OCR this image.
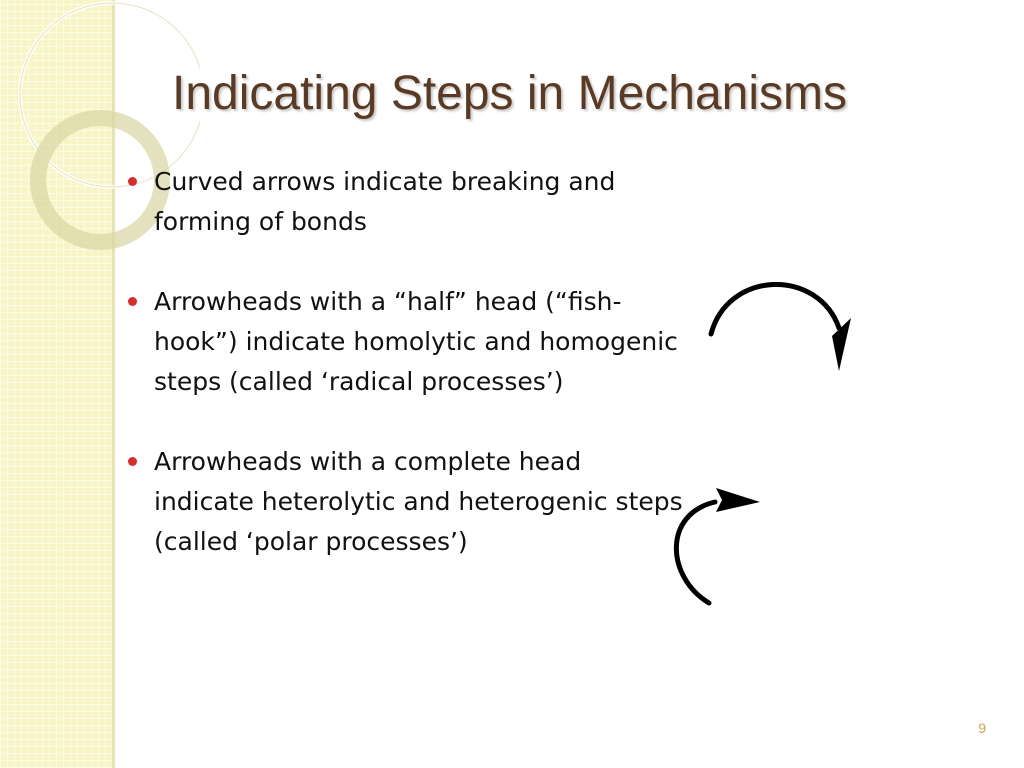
Indicating Steps in Mechanisms
Curved arrows indicate breaking and forming of bonds
Arrowheads with a “half” head (“fish-hook”) indicate homolytic and homogenic steps (called ‘radical processes’)
Arrowheads with a complete head indicate heterolytic and heterogenic steps (called ‘polar processes’)
9
